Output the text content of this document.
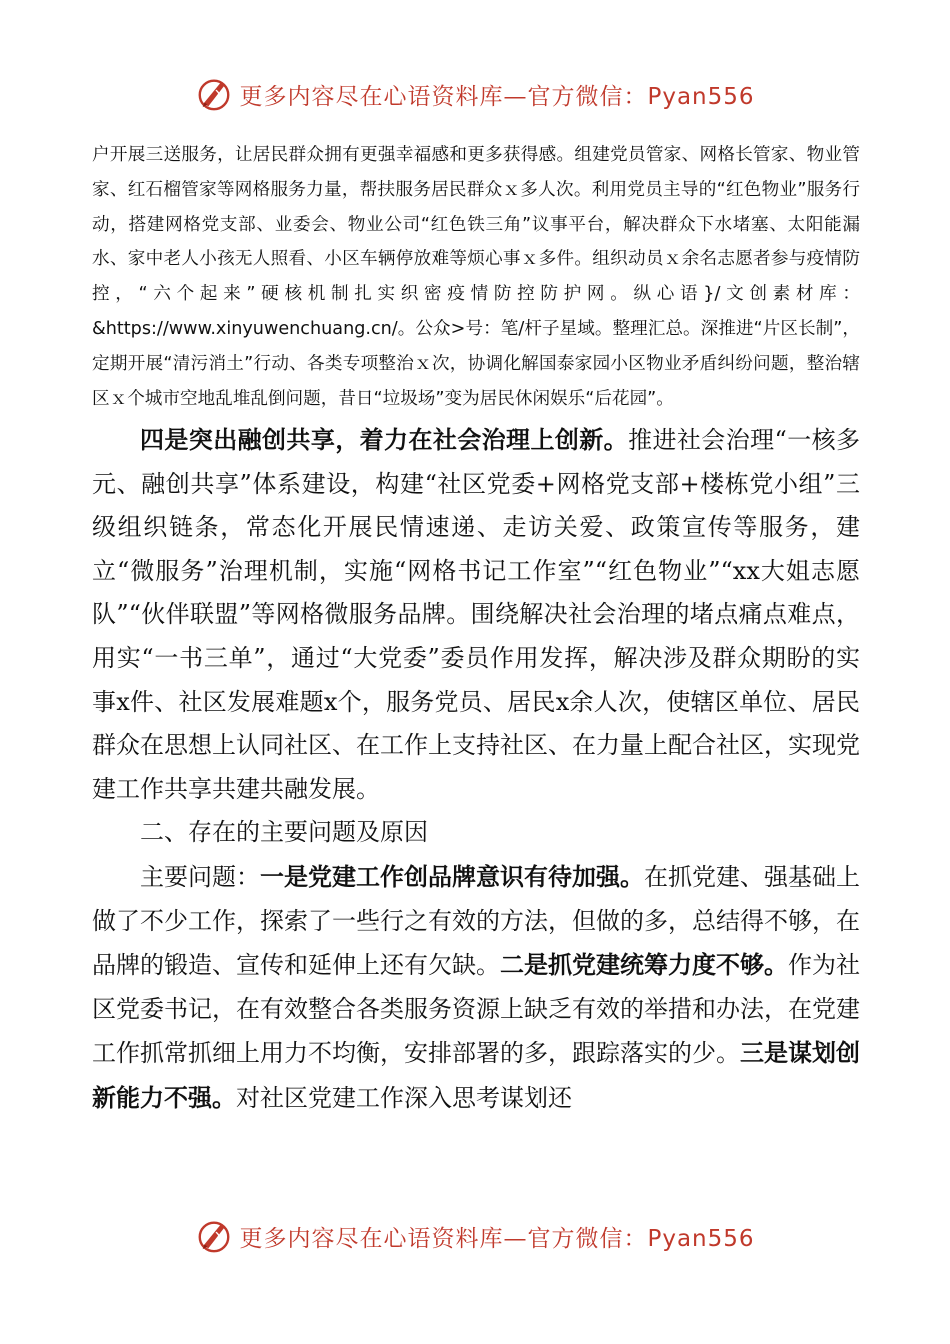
更多内容尽在心语资料库—官方微信：Pyan556

户开展三送服务，让居民群众拥有更强幸福感和更多获得感。组建党员管家、网格长管家、物业管家、红石榴管家等网格服务力量，帮扶服务居民群众ｘ多人次。利用党员主导的“红色物业”服务行动，搭建网格党支部、业委会、物业公司“红色铁三角”议事平台，解决群众下水堵塞、太阳能漏水、家中老人小孩无人照看、小区车辆停放难等烦心事ｘ多件。组织动员ｘ余名志愿者参与疫情防控，“六个起来”硬核机制扎实织密疫情防控防护网。纵心语}/文创素材库：&https://www.xinyuwenchuang.cn/。公众>号：笔/杆子星域。整理汇总。深推进“片区长制”，定期开展“清污消土”行动、各类专项整治ｘ次，协调化解国泰家园小区物业矛盾纠纷问题，整治辖区ｘ个城市空地乱堆乱倒问题，昔日“垃圾场”变为居民休闲娱乐“后花园”。

四是突出融创共享，着力在社会治理上创新。推进社会治理“一核多元、融创共享”体系建设，构建“社区党委+网格党支部+楼栋党小组”三级组织链条，常态化开展民情速递、走访关爱、政策宣传等服务，建立“微服务”治理机制，实施“网格书记工作室”“红色物业”“xx大姐志愿队”“伙伴联盟”等网格微服务品牌。围绕解决社会治理的堵点痛点难点，用实“一书三单”，通过“大党委”委员作用发挥，解决涉及群众期盼的实事x件、社区发展难题x个，服务党员、居民x余人次，使辖区单位、居民群众在思想上认同社区、在工作上支持社区、在力量上配合社区，实现党建工作共享共建共融发展。

二、存在的主要问题及原因

主要问题：一是党建工作创品牌意识有待加强。在抓党建、强基础上做了不少工作，探索了一些行之有效的方法，但做的多，总结得不够，在品牌的锻造、宣传和延伸上还有欠缺。二是抓党建统筹力度不够。作为社区党委书记，在有效整合各类服务资源上缺乏有效的举措和办法，在党建工作抓常抓细上用力不均衡，安排部署的多，跟踪落实的少。三是谋划创新能力不强。对社区党建工作深入思考谋划还

更多内容尽在心语资料库—官方微信：Pyan556
